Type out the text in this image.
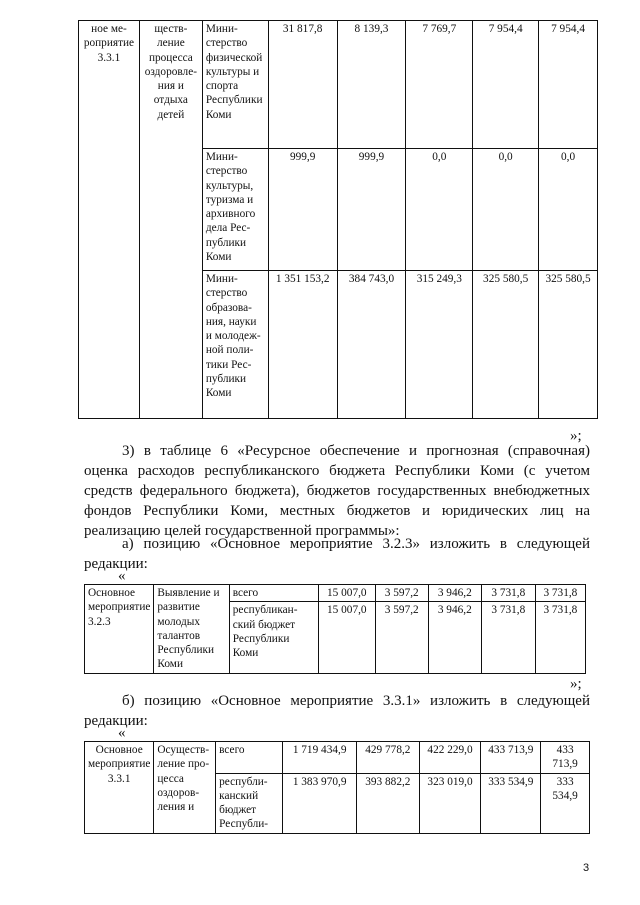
ное мероприятие 3.3.1	ществление процесса оздоровления и отдыха детей	Министерство физической культуры и спорта Республики Коми	31 817,8	8 139,3	7 769,7	7 954,4	7 954,4
		Министерство культуры, туризма и архивного дела Республики Коми	999,9	999,9	0,0	0,0	0,0
		Министерство образования, науки и молодежной политики Республики Коми	1 351 153,2	384 743,0	315 249,3	325 580,5	325 580,5
»;
3) в таблице 6 «Ресурсное обеспечение и прогнозная (справочная) оценка расходов республиканского бюджета Республики Коми (с учетом средств федерального бюджета), бюджетов государственных внебюджетных фондов Республики Коми, местных бюджетов и юридических лиц на реализацию целей государственной программы»:
а) позицию «Основное мероприятие 3.2.3» изложить в следующей редакции:
«
Основное мероприятие 3.2.3	Выявление и развитие молодых талантов Республики Коми	всего	15 007,0	3 597,2	3 946,2	3 731,8	3 731,8
		республиканский бюджет Республики Коми	15 007,0	3 597,2	3 946,2	3 731,8	3 731,8
»;
б) позицию «Основное мероприятие 3.3.1» изложить в следующей редакции:
«
Основное мероприятие 3.3.1	Осуществление процесса оздоровления и	всего	1 719 434,9	429 778,2	422 229,0	433 713,9	433 713,9
		республиканский бюджет Республи-	1 383 970,9	393 882,2	323 019,0	333 534,9	333 534,9
3
